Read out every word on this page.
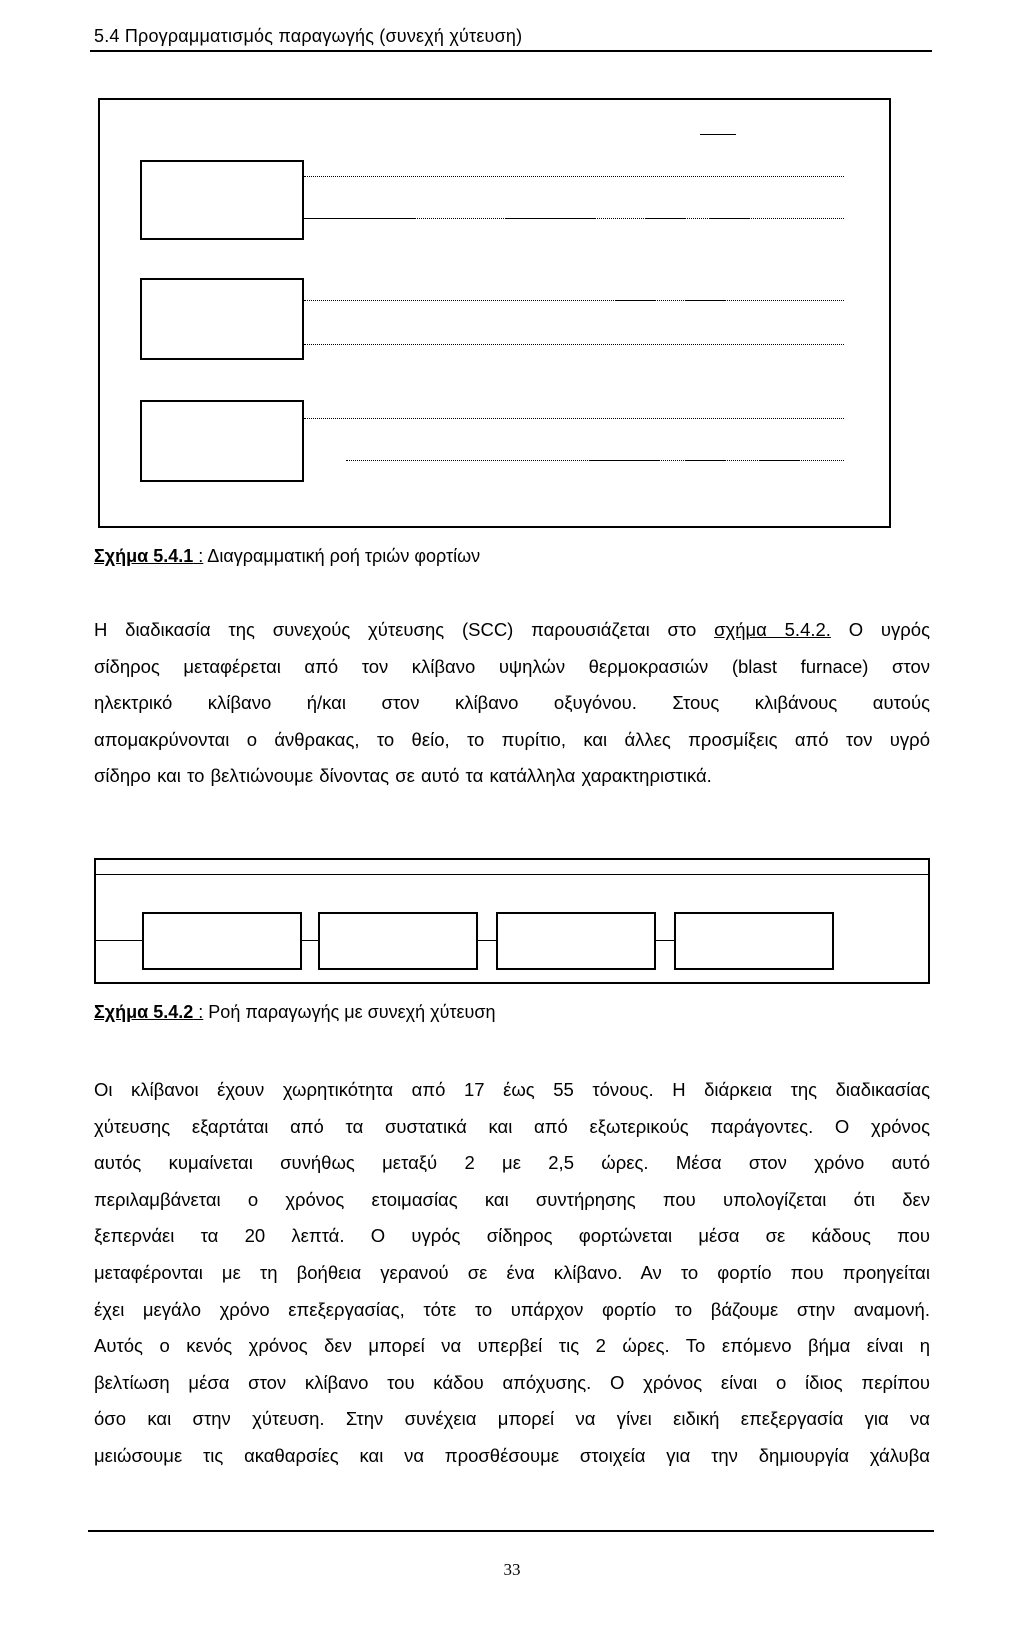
5.4 Προγραμματισμός παραγωγής (συνεχή χύτευση)
Σχήμα 5.4.1 : Διαγραμματική ροή τριών φορτίων
Η διαδικασία της συνεχούς χύτευσης (SCC) παρουσιάζεται στο σχήμα 5.4.2. Ο υγρός
σίδηρος μεταφέρεται από τον κλίβανο υψηλών θερμοκρασιών (blast furnace) στον
ηλεκτρικό κλίβανο ή/και στον κλίβανο οξυγόνου. Στους κλιβάνους αυτούς
απομακρύνονται ο άνθρακας, το θείο, το πυρίτιο, και άλλες προσμίξεις από τον υγρό
σίδηρο και το βελτιώνουμε δίνοντας σε αυτό τα κατάλληλα χαρακτηριστικά.
Σχήμα 5.4.2 : Ροή παραγωγής με συνεχή χύτευση
Οι κλίβανοι έχουν χωρητικότητα από 17 έως 55 τόνους. Η διάρκεια της διαδικασίας
χύτευσης εξαρτάται από τα συστατικά και από εξωτερικούς παράγοντες. Ο χρόνος
αυτός κυμαίνεται συνήθως μεταξύ 2 με 2,5 ώρες. Μέσα στον χρόνο αυτό
περιλαμβάνεται ο χρόνος ετοιμασίας και συντήρησης που υπολογίζεται ότι δεν
ξεπερνάει τα 20 λεπτά. Ο υγρός σίδηρος φορτώνεται μέσα σε κάδους που
μεταφέρονται με τη βοήθεια γερανού σε ένα κλίβανο. Αν το φορτίο που προηγείται
έχει μεγάλο χρόνο επεξεργασίας, τότε το υπάρχον φορτίο το βάζουμε στην αναμονή.
Αυτός ο κενός χρόνος δεν μπορεί να υπερβεί τις 2 ώρες. Το επόμενο βήμα είναι η
βελτίωση μέσα στον κλίβανο του κάδου απόχυσης. Ο χρόνος είναι ο ίδιος περίπου
όσο και στην χύτευση. Στην συνέχεια μπορεί να γίνει ειδική επεξεργασία για να
μειώσουμε τις ακαθαρσίες και να προσθέσουμε στοιχεία για την δημιουργία χάλυβα
33
